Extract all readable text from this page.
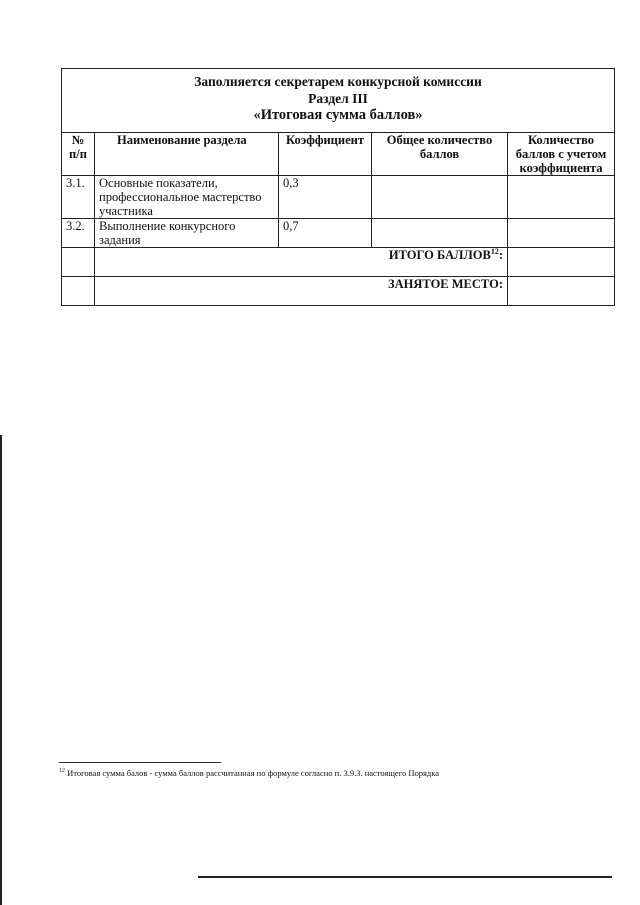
Заполняется секретарем конкурсной комиссии
Раздел III
«Итоговая сумма баллов»				

№ п/п	Наименование раздела	Коэффициент	Общее количество баллов	Количество баллов с учетом коэффициента
3.1.	Основные показатели, профессиональное мастерство участника	0,3		
3.2.	Выполнение конкурсного задания	0,7		
	ИТОГО БАЛЛОВ$^{12}$:			
	ЗАНЯТОЕ МЕСТО:			
$^{12}$ Итоговая сумма балов - сумма баллов рассчитанная по формуле согласно п. 3.9.3. настоящего Порядка
